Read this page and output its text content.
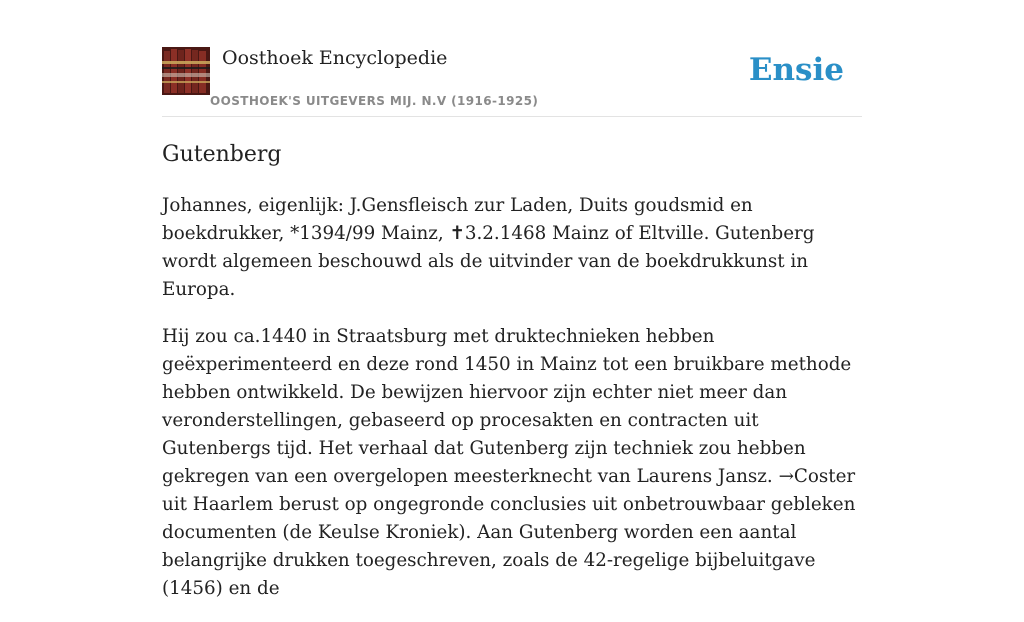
Oosthoek Encyclopedie
OOSTHOEK'S UITGEVERS MIJ. N.V (1916-1925)
Ensie
Gutenberg

Johannes, eigenlijk: J.Gensfleisch zur Laden, Duits goudsmid en boekdrukker, *1394/99 Mainz, ✝3.2.1468 Mainz of Eltville. Gutenberg wordt algemeen beschouwd als de uitvinder van de boekdrukkunst in Europa.

Hij zou ca.1440 in Straatsburg met druktechnieken hebben geëxperimenteerd en deze rond 1450 in Mainz tot een bruikbare methode hebben ontwikkeld. De bewijzen hiervoor zijn echter niet meer dan veronderstellingen, gebaseerd op procesakten en contracten uit Gutenbergs tijd. Het verhaal dat Gutenberg zijn techniek zou hebben gekregen van een overgelopen meesterknecht van Laurens Jansz. →Coster uit Haarlem berust op ongegronde conclusies uit onbetrouwbaar gebleken documenten (de Keulse Kroniek). Aan Gutenberg worden een aantal belangrijke drukken toegeschreven, zoals de 42-regelige bijbeluitgave (1456) en de
